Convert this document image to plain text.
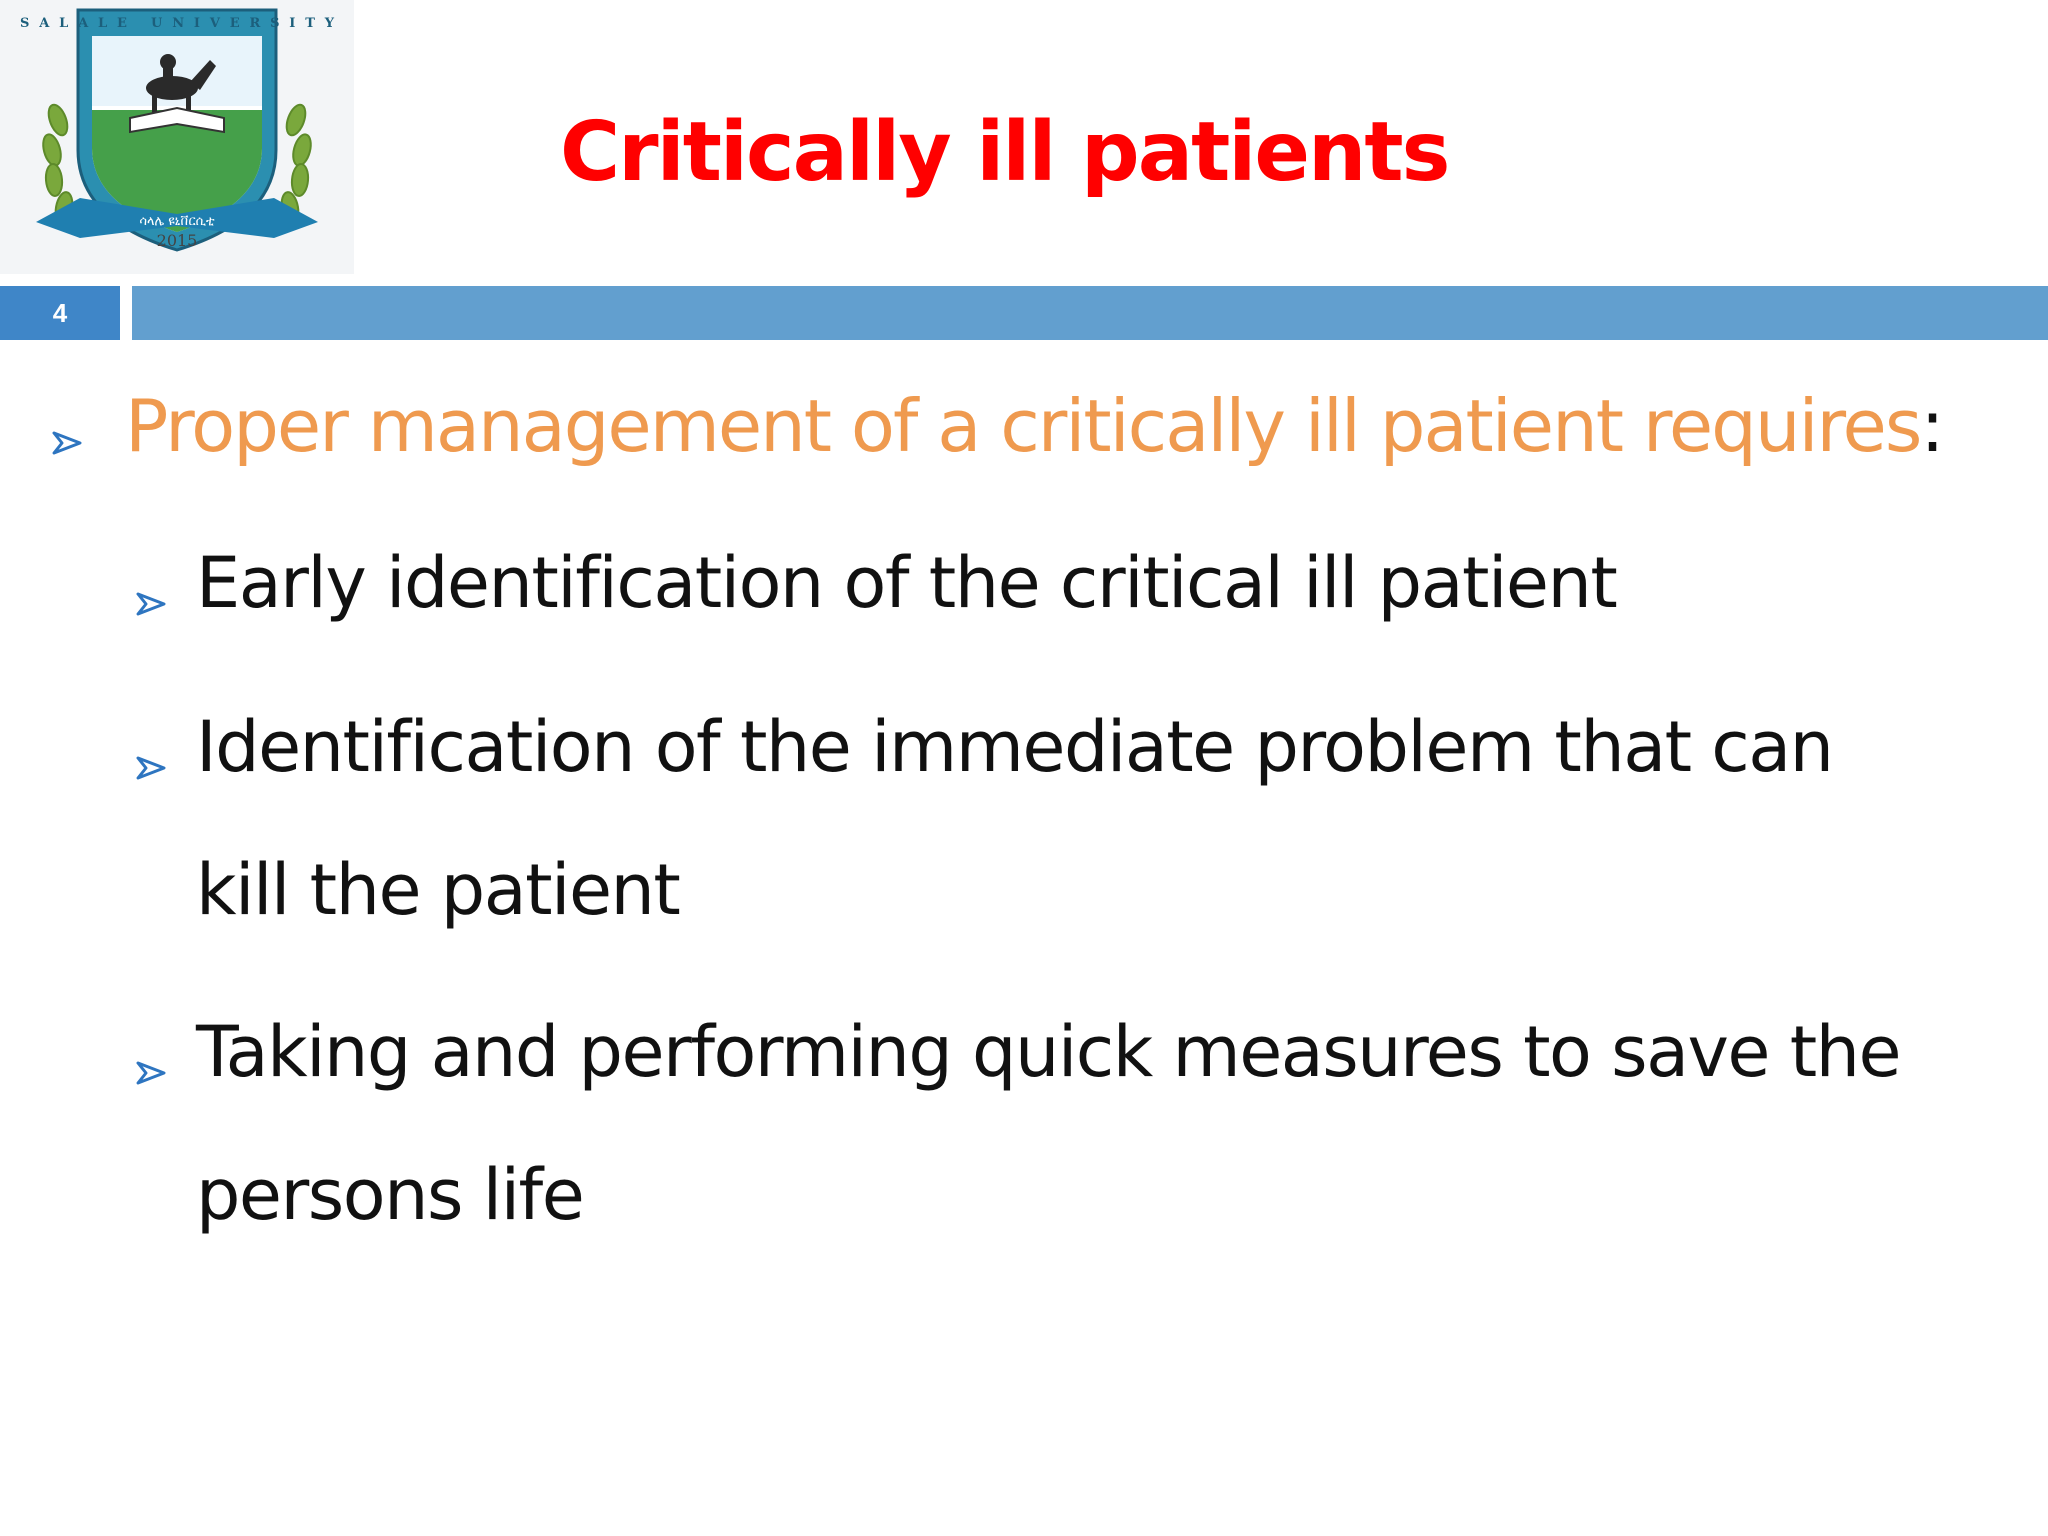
SALALE UNIVERSITY
ሳላሌ ዩኒቨርሲቲ
2015
Critically ill patients
4
Proper management of a critically ill patient requires:
Early identification of the critical ill patient
Identification of the immediate problem that can
kill the patient
Taking and performing quick measures to save the
persons life
